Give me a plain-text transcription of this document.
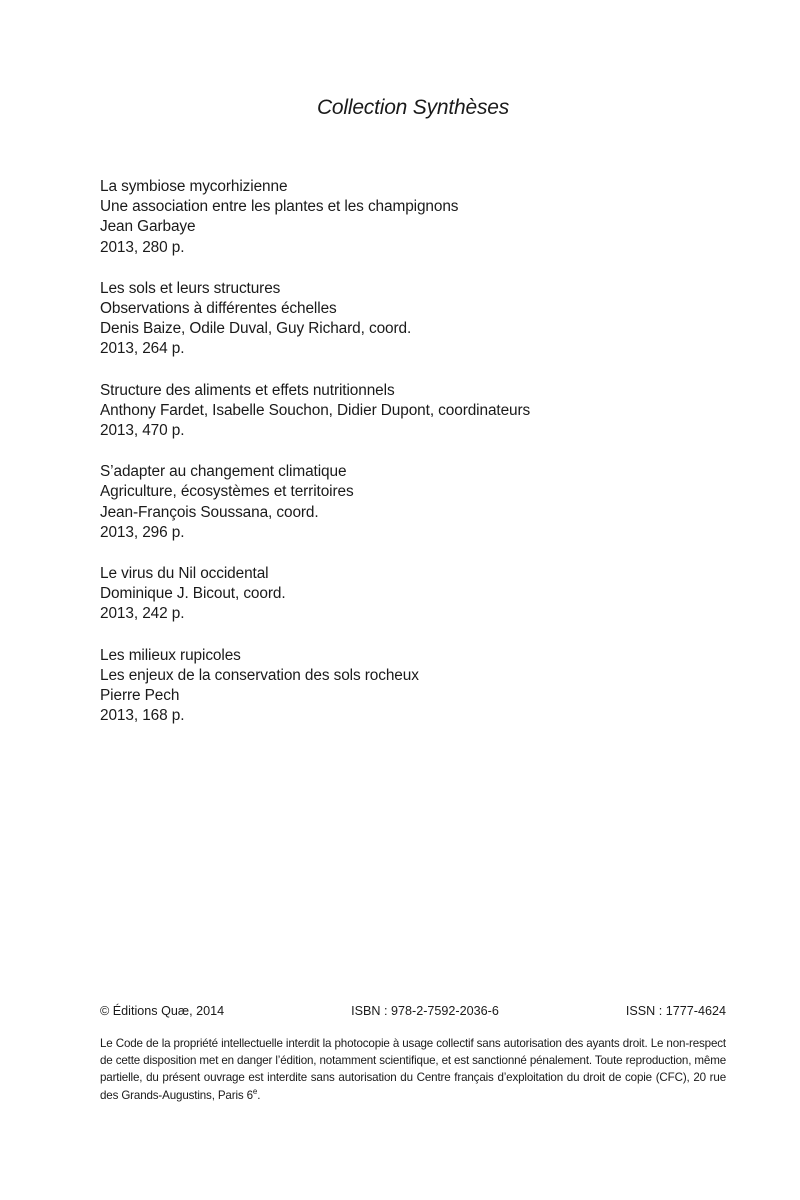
Collection Synthèses
La symbiose mycorhizienne
Une association entre les plantes et les champignons
Jean Garbaye
2013, 280 p.
Les sols et leurs structures
Observations à différentes échelles
Denis Baize, Odile Duval, Guy Richard, coord.
2013, 264 p.
Structure des aliments et effets nutritionnels
Anthony Fardet, Isabelle Souchon, Didier Dupont, coordinateurs
2013, 470 p.
S’adapter au changement climatique
Agriculture, écosystèmes et territoires
Jean-François Soussana, coord.
2013, 296 p.
Le virus du Nil occidental
Dominique J. Bicout, coord.
2013, 242 p.
Les milieux rupicoles
Les enjeux de la conservation des sols rocheux
Pierre Pech
2013, 168 p.
© Éditions Quæ, 2014	ISBN : 978-2-7592-2036-6	ISSN : 1777-4624

Le Code de la propriété intellectuelle interdit la photocopie à usage collectif sans autorisation des ayants droit. Le non-respect de cette disposition met en danger l’édition, notamment scientifique, et est sanctionné pénalement. Toute reproduction, même partielle, du présent ouvrage est interdite sans autorisation du Centre français d’exploitation du droit de copie (CFC), 20 rue des Grands-Augustins, Paris 6e.
